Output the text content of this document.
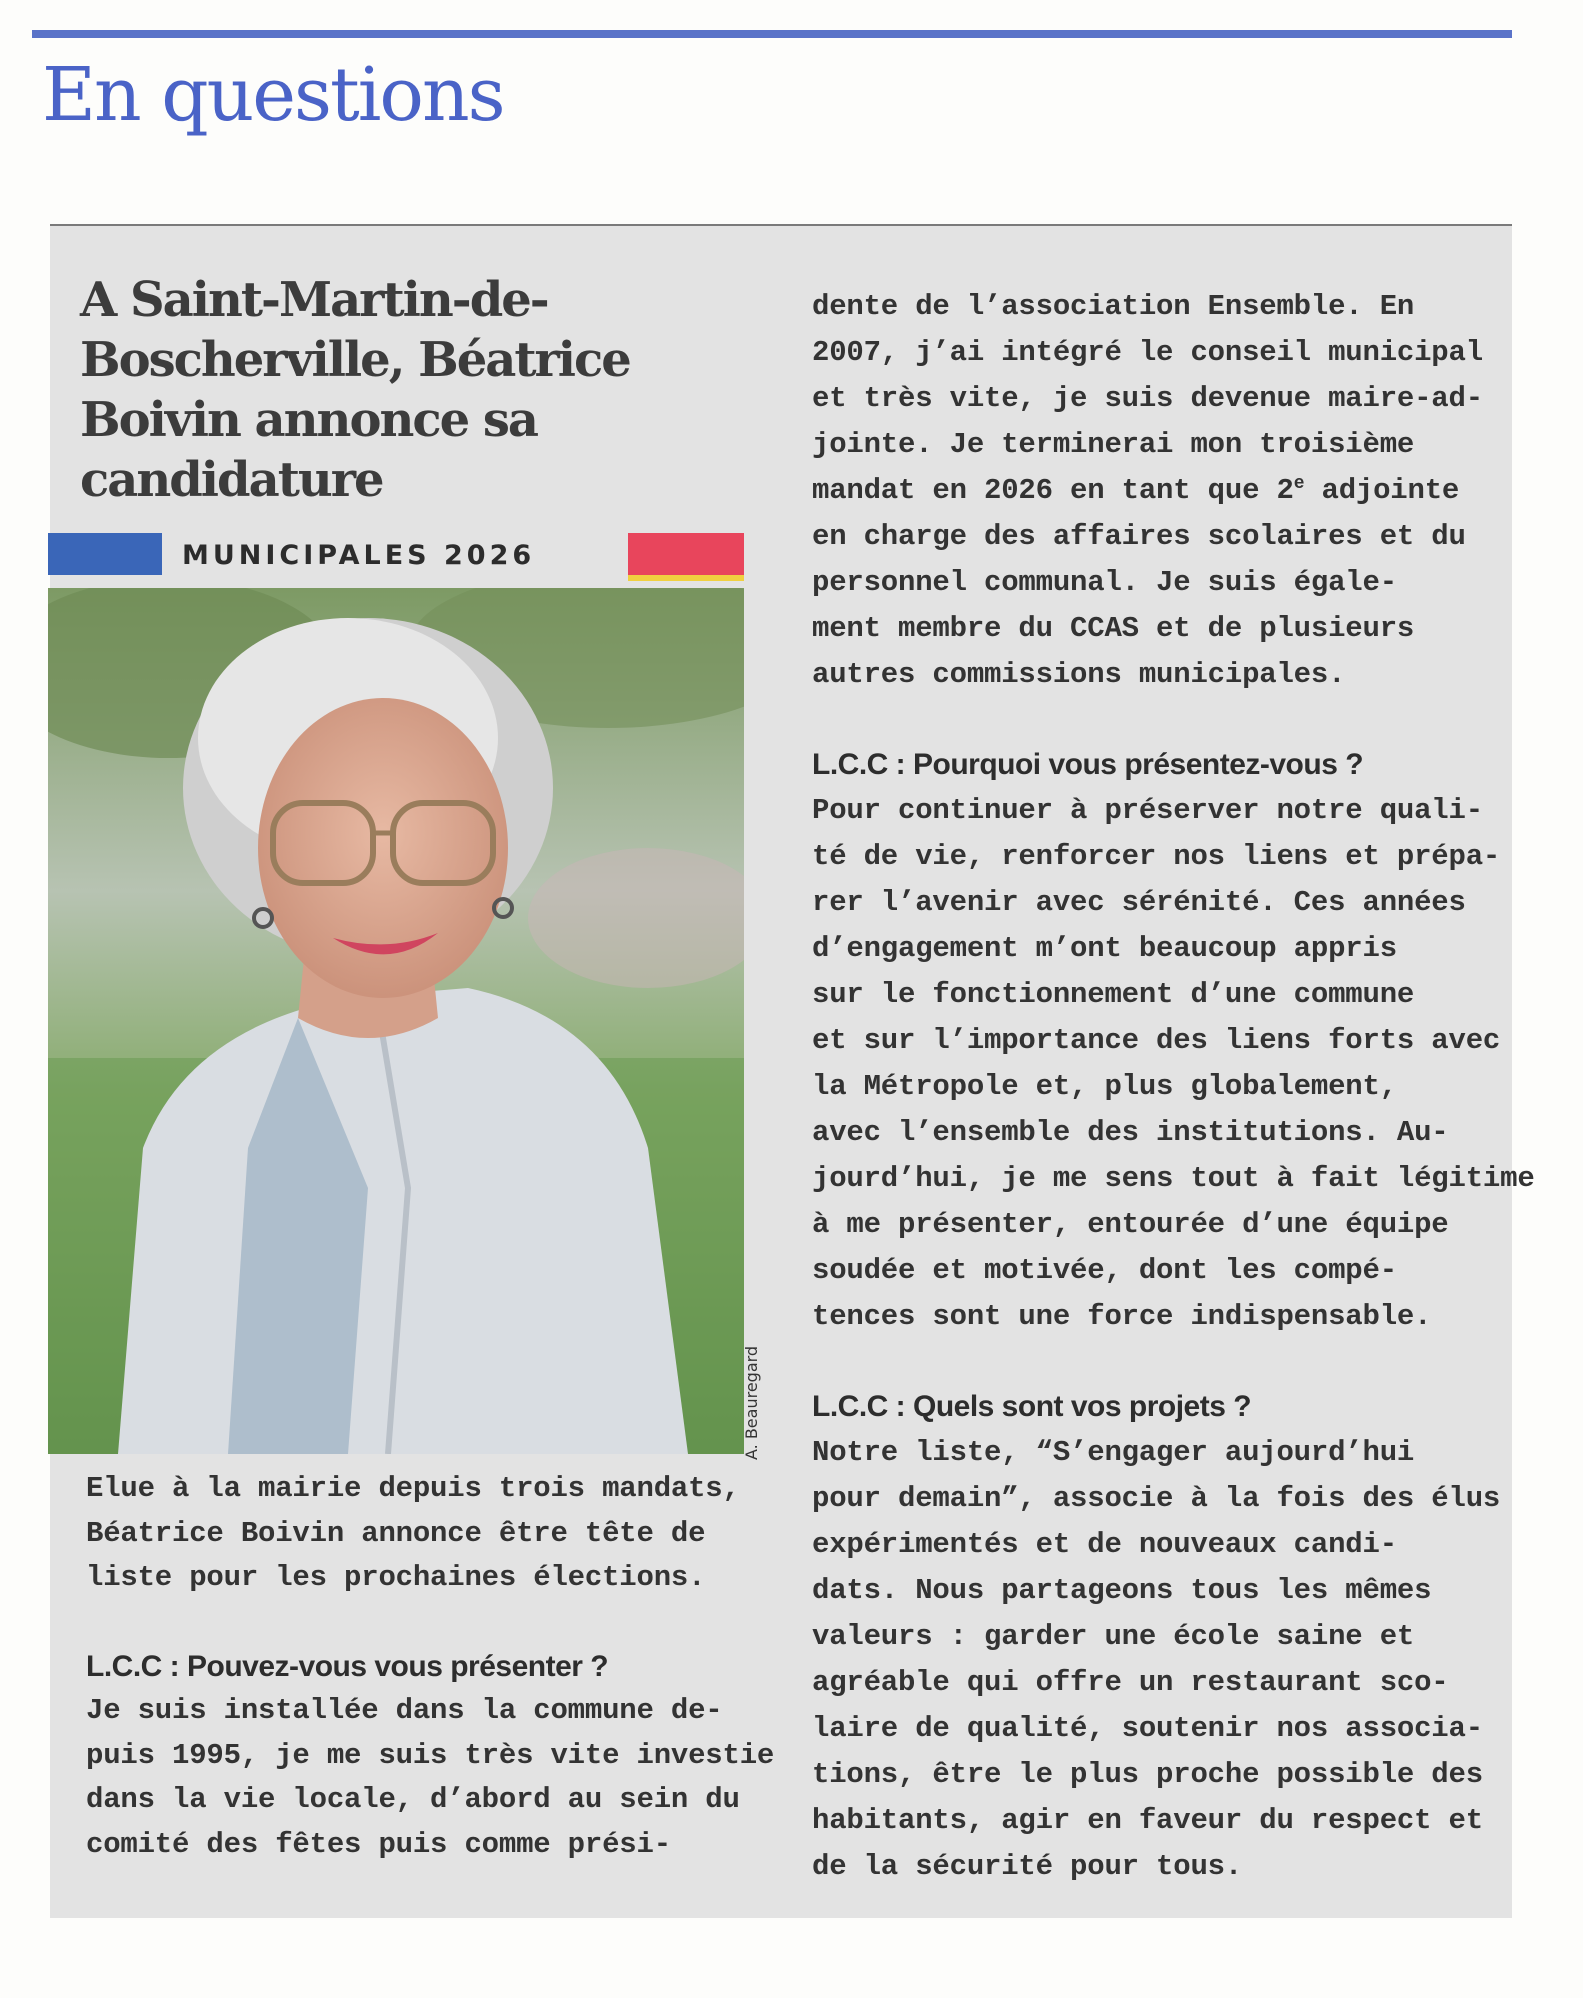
En questions
A Saint-Martin-de-
Boscherville, Béatrice
Boivin annonce sa
candidature
MUNICIPALES 2026
Elue à la mairie depuis trois mandats,
Béatrice Boivin annonce être tête de
liste pour les prochaines élections.
L.C.C : Pouvez-vous vous présenter ?
Je suis installée dans la commune de-
puis 1995, je me suis très vite investie
dans la vie locale, d’abord au sein du
comité des fêtes puis comme prési-
dente de l’association Ensemble. En
2007, j’ai intégré le conseil municipal
et très vite, je suis devenue maire-ad-
jointe. Je terminerai mon troisième
mandat en 2026 en tant que 2e adjointe
en charge des affaires scolaires et du
personnel communal. Je suis égale-
ment membre du CCAS et de plusieurs
autres commissions municipales.
L.C.C : Pourquoi vous présentez-vous ?
Pour continuer à préserver notre quali-
té de vie, renforcer nos liens et prépa-
rer l’avenir avec sérénité. Ces années
d’engagement m’ont beaucoup appris
sur le fonctionnement d’une commune
et sur l’importance des liens forts avec
la Métropole et, plus globalement,
avec l’ensemble des institutions. Au-
jourd’hui, je me sens tout à fait légitime
à me présenter, entourée d’une équipe
soudée et motivée, dont les compé-
tences sont une force indispensable.
L.C.C : Quels sont vos projets ?
Notre liste, “S’engager aujourd’hui
pour demain”, associe à la fois des élus
expérimentés et de nouveaux candi-
dats. Nous partageons tous les mêmes
valeurs : garder une école saine et
agréable qui offre un restaurant sco-
laire de qualité, soutenir nos associa-
tions, être le plus proche possible des
habitants, agir en faveur du respect et
de la sécurité pour tous.
